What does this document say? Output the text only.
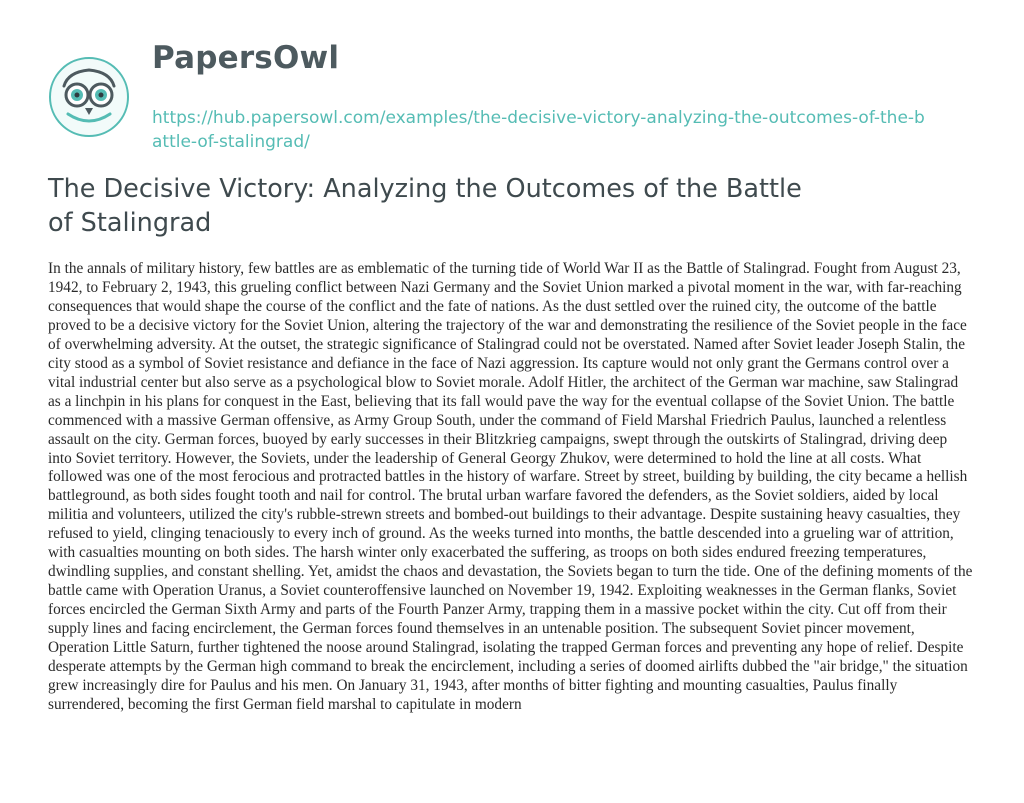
PapersOwl
https://hub.papersowl.com/examples/the-decisive-victory-analyzing-the-outcomes-of-the-battle-of-stalingrad/
The Decisive Victory: Analyzing the Outcomes of the Battle of Stalingrad

In the annals of military history, few battles are as emblematic of the turning tide of World War II as the Battle of Stalingrad. Fought from August 23, 1942, to February 2, 1943, this grueling conflict between Nazi Germany and the Soviet Union marked a pivotal moment in the war, with far-reaching consequences that would shape the course of the conflict and the fate of nations. As the dust settled over the ruined city, the outcome of the battle proved to be a decisive victory for the Soviet Union, altering the trajectory of the war and demonstrating the resilience of the Soviet people in the face of overwhelming adversity. At the outset, the strategic significance of Stalingrad could not be overstated. Named after Soviet leader Joseph Stalin, the city stood as a symbol of Soviet resistance and defiance in the face of Nazi aggression. Its capture would not only grant the Germans control over a vital industrial center but also serve as a psychological blow to Soviet morale. Adolf Hitler, the architect of the German war machine, saw Stalingrad as a linchpin in his plans for conquest in the East, believing that its fall would pave the way for the eventual collapse of the Soviet Union. The battle commenced with a massive German offensive, as Army Group South, under the command of Field Marshal Friedrich Paulus, launched a relentless assault on the city. German forces, buoyed by early successes in their Blitzkrieg campaigns, swept through the outskirts of Stalingrad, driving deep into Soviet territory. However, the Soviets, under the leadership of General Georgy Zhukov, were determined to hold the line at all costs. What followed was one of the most ferocious and protracted battles in the history of warfare. Street by street, building by building, the city became a hellish battleground, as both sides fought tooth and nail for control. The brutal urban warfare favored the defenders, as the Soviet soldiers, aided by local militia and volunteers, utilized the city's rubble-strewn streets and bombed-out buildings to their advantage. Despite sustaining heavy casualties, they refused to yield, clinging tenaciously to every inch of ground. As the weeks turned into months, the battle descended into a grueling war of attrition, with casualties mounting on both sides. The harsh winter only exacerbated the suffering, as troops on both sides endured freezing temperatures, dwindling supplies, and constant shelling. Yet, amidst the chaos and devastation, the Soviets began to turn the tide. One of the defining moments of the battle came with Operation Uranus, a Soviet counteroffensive launched on November 19, 1942. Exploiting weaknesses in the German flanks, Soviet forces encircled the German Sixth Army and parts of the Fourth Panzer Army, trapping them in a massive pocket within the city. Cut off from their supply lines and facing encirclement, the German forces found themselves in an untenable position. The subsequent Soviet pincer movement, Operation Little Saturn, further tightened the noose around Stalingrad, isolating the trapped German forces and preventing any hope of relief. Despite desperate attempts by the German high command to break the encirclement, including a series of doomed airlifts dubbed the "air bridge," the situation grew increasingly dire for Paulus and his men. On January 31, 1943, after months of bitter fighting and mounting casualties, Paulus finally surrendered, becoming the first German field marshal to capitulate in modern
